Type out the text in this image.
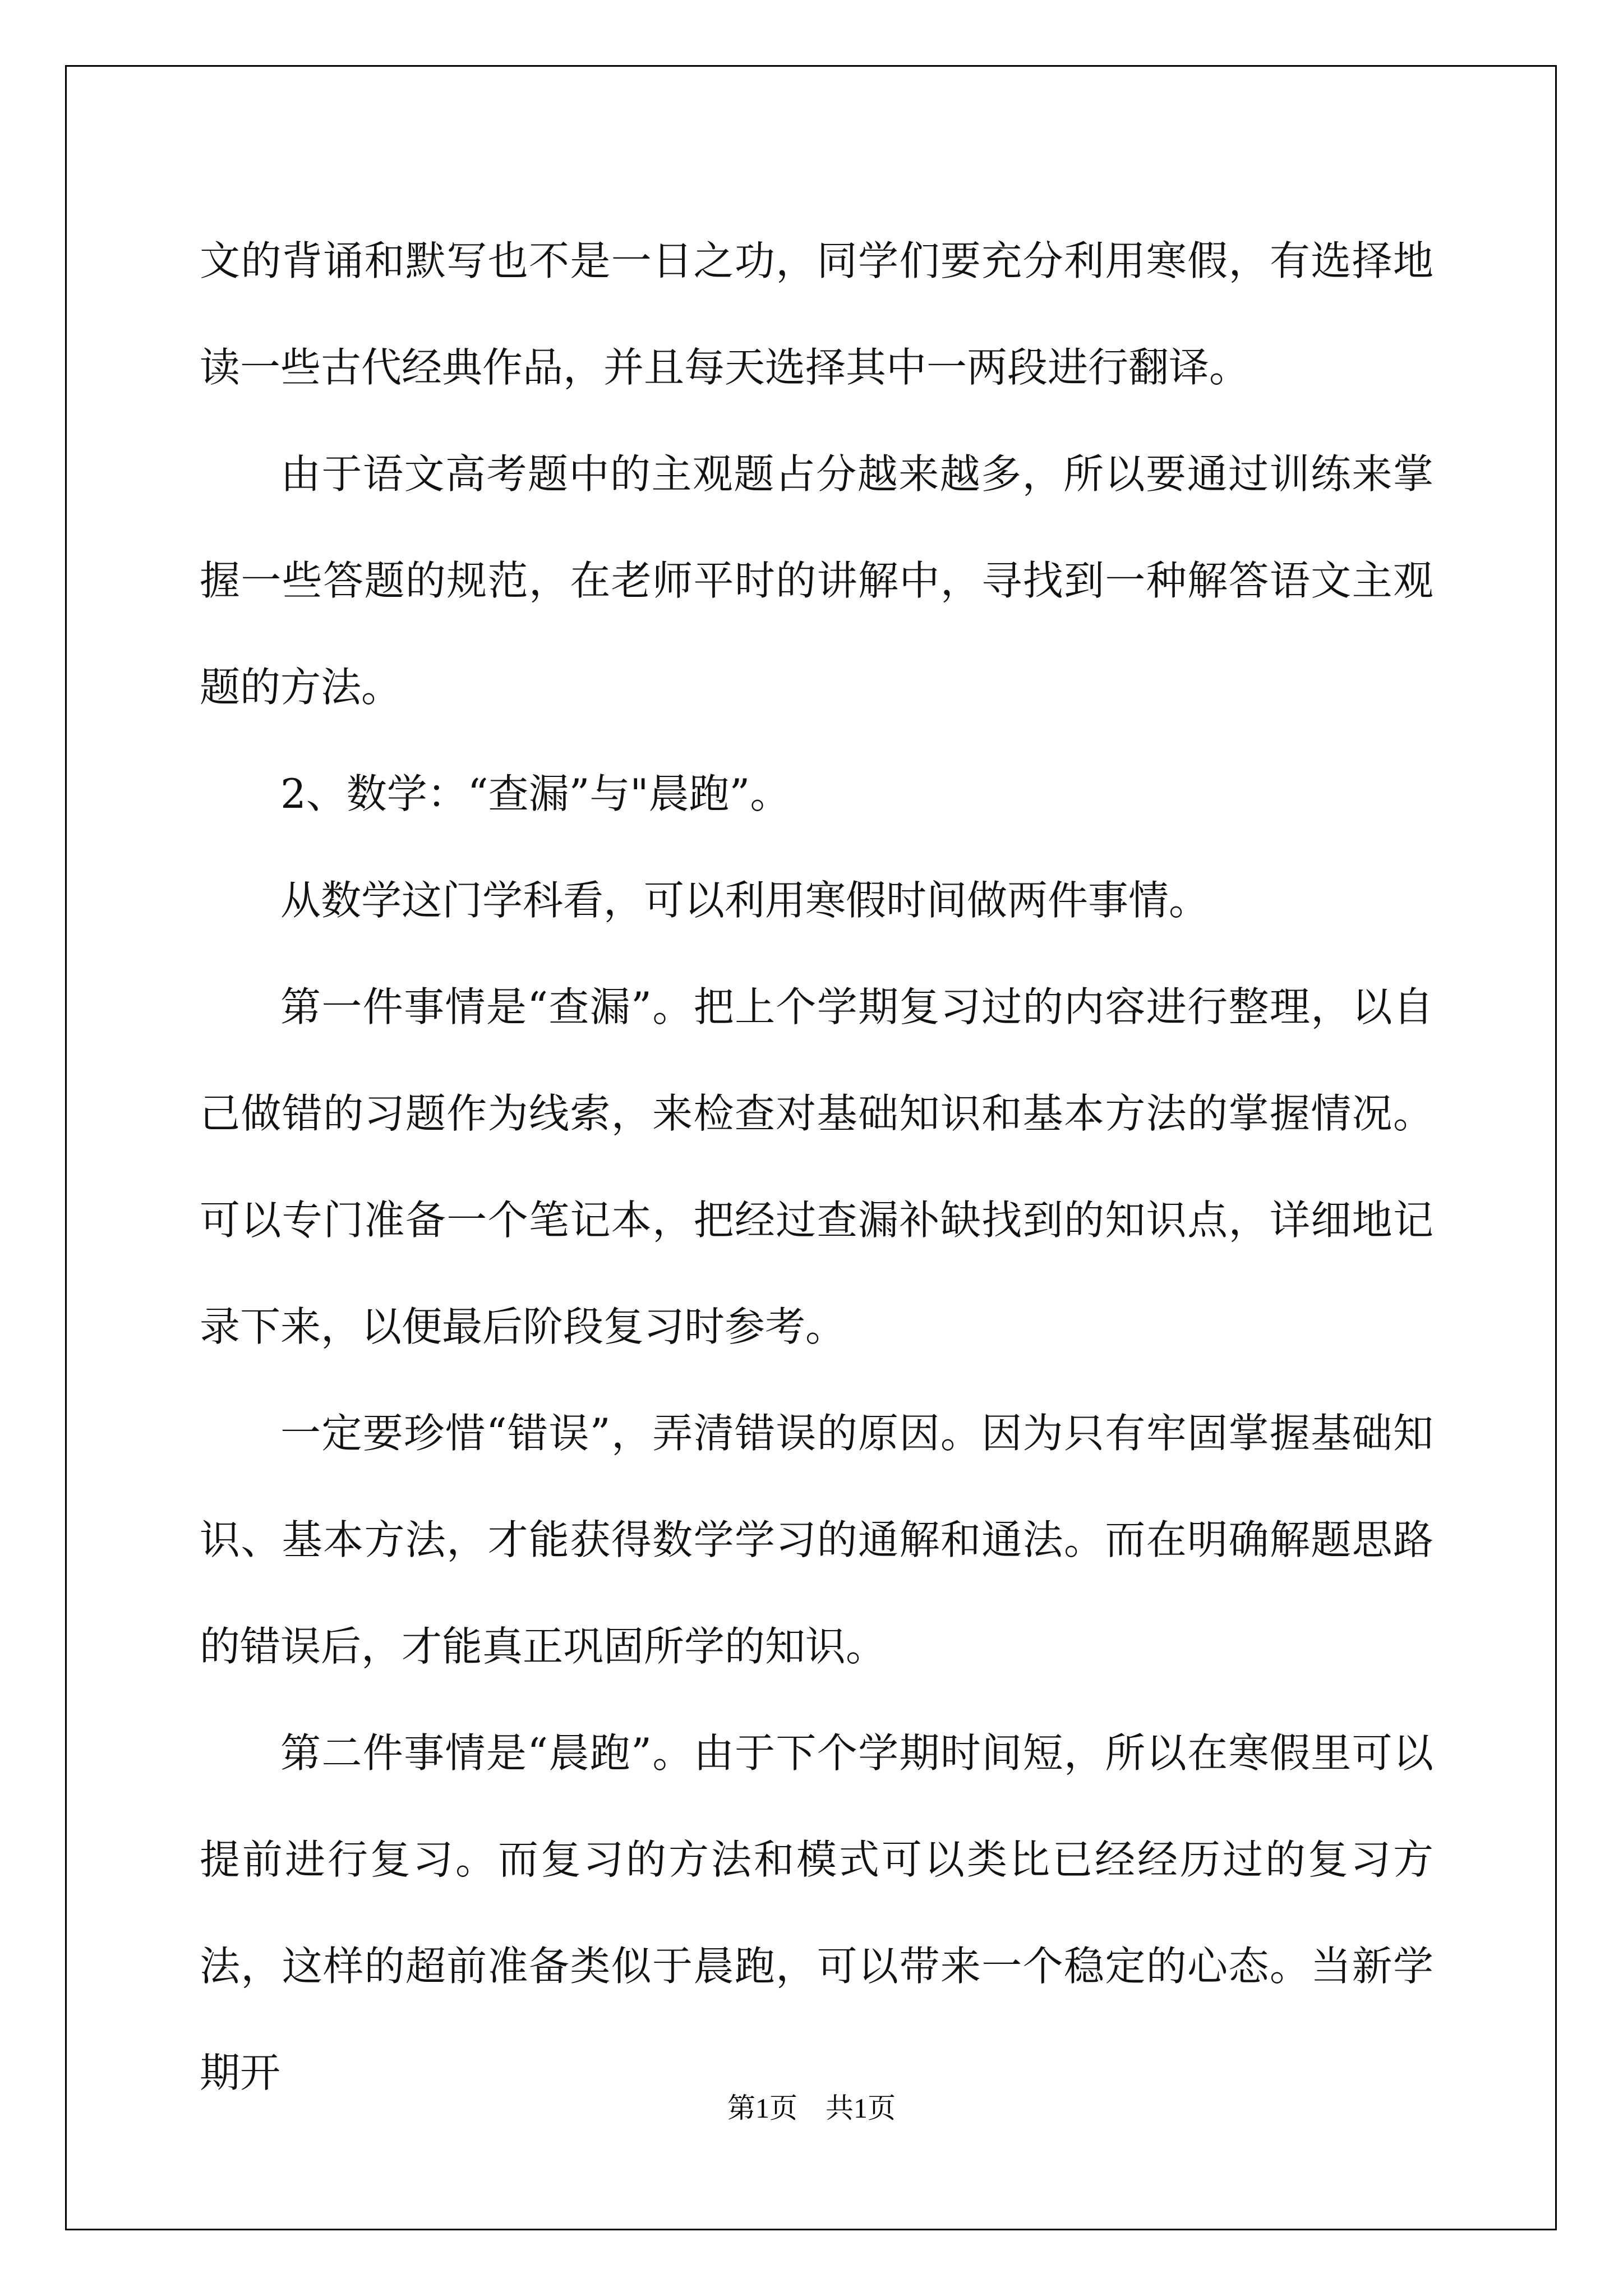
文的背诵和默写也不是一日之功，同学们要充分利用寒假，有选择地读一些古代经典作品，并且每天选择其中一两段进行翻译。

由于语文高考题中的主观题占分越来越多，所以要通过训练来掌握一些答题的规范，在老师平时的讲解中，寻找到一种解答语文主观题的方法。

2、数学：“查漏”与"晨跑”。

从数学这门学科看，可以利用寒假时间做两件事情。

第一件事情是“查漏”。把上个学期复习过的内容进行整理，以自己做错的习题作为线索，来检查对基础知识和基本方法的掌握情况。可以专门准备一个笔记本，把经过查漏补缺找到的知识点，详细地记录下来，以便最后阶段复习时参考。

一定要珍惜“错误”，弄清错误的原因。因为只有牢固掌握基础知识、基本方法，才能获得数学学习的通解和通法。而在明确解题思路的错误后，才能真正巩固所学的知识。

第二件事情是“晨跑”。由于下个学期时间短，所以在寒假里可以提前进行复习。而复习的方法和模式可以类比已经经历过的复习方法，这样的超前准备类似于晨跑，可以带来一个稳定的心态。当新学期开

第1页 共1页
